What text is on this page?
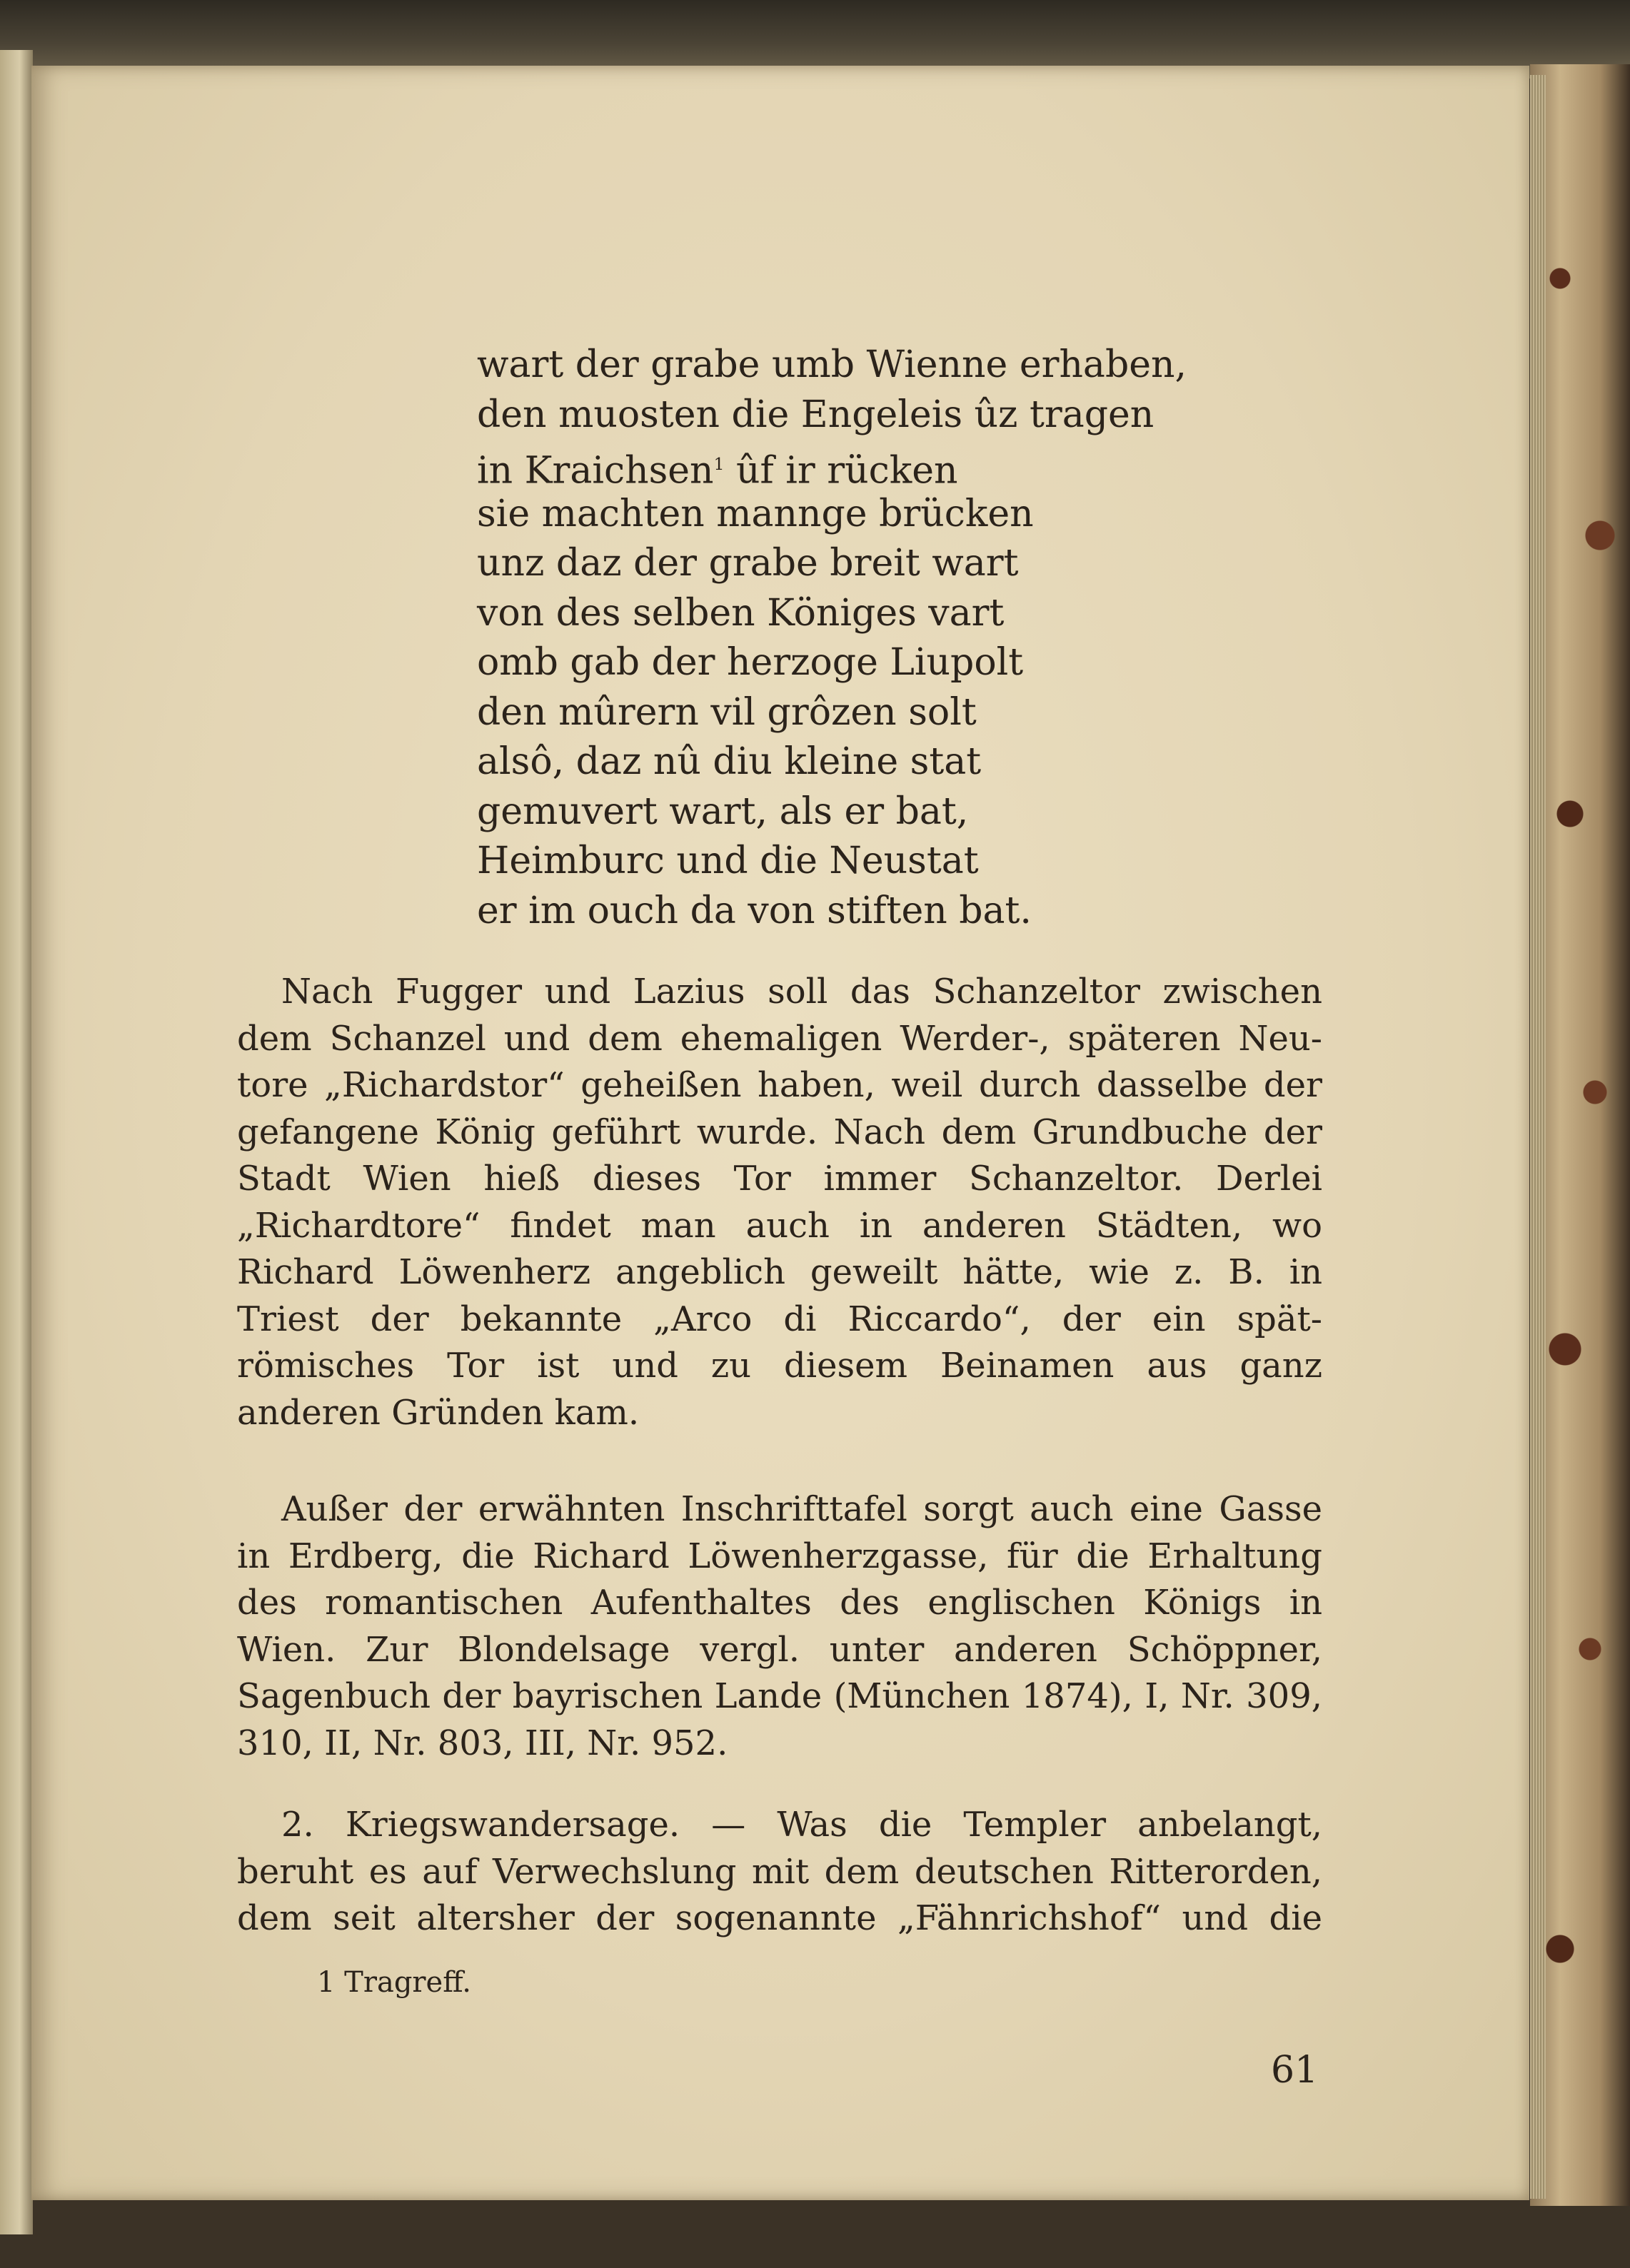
wart der grabe umb Wienne erhaben,
den muosten die Engeleis ûz tragen
in Kraichsen$^1$ ûf ir rücken
sie machten mannge brücken
unz daz der grabe breit wart
von des selben Königes vart
omb gab der herzoge Liupolt
den mûrern vil grôzen solt
alsô, daz nû diu kleine stat
gemuvert wart, als er bat,
Heimburc und die Neustat
er im ouch da von stiften bat.
Nach Fugger und Lazius soll das Schanzeltor zwischen
dem Schanzel und dem ehemaligen Werder-, späteren Neu-
tore „Richardstor“ geheißen haben, weil durch dasselbe der
gefangene König geführt wurde. Nach dem Grundbuche der
Stadt Wien hieß dieses Tor immer Schanzeltor. Derlei
„Richardtore“ findet man auch in anderen Städten, wo
Richard Löwenherz angeblich geweilt hätte, wie z. B. in
Triest der bekannte „Arco di Riccardo“, der ein spät-
römisches Tor ist und zu diesem Beinamen aus ganz
anderen Gründen kam.
Außer der erwähnten Inschrifttafel sorgt auch eine Gasse
in Erdberg, die Richard Löwenherzgasse, für die Erhaltung
des romantischen Aufenthaltes des englischen Königs in
Wien. Zur Blondelsage vergl. unter anderen Schöppner,
Sagenbuch der bayrischen Lande (München 1874), I, Nr. 309,
310, II, Nr. 803, III, Nr. 952.
2. Kriegswandersage. — Was die Templer anbelangt,
beruht es auf Verwechslung mit dem deutschen Ritterorden,
dem seit altersher der sogenannte „Fähnrichshof“ und die
1 Tragreff.
61
